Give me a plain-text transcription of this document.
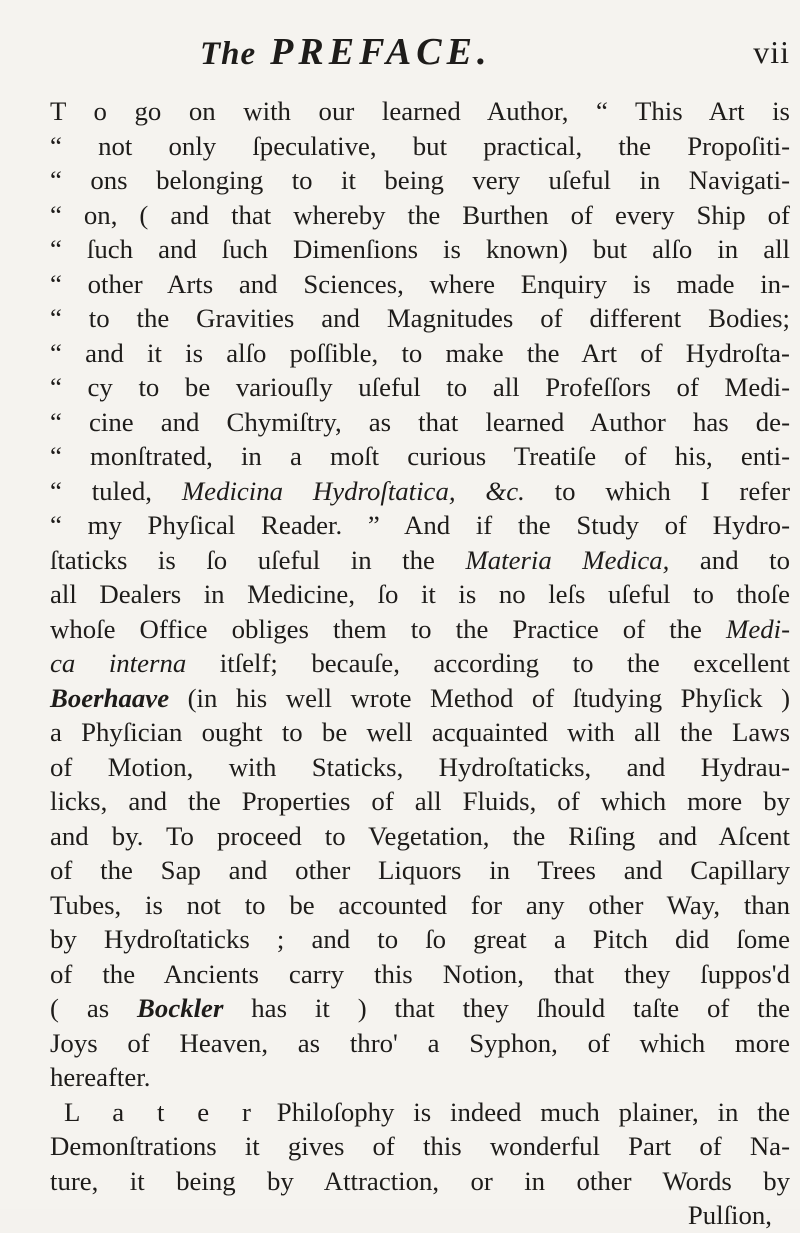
The PREFACE.	vii
T o go on with our learned Author, “ This Art is
“ not only ſpeculative, but practical, the Propoſiti-
“ ons belonging to it being very uſeful in Navigati-
“ on, ( and that whereby the Burthen of every Ship of
“ ſuch and ſuch Dimenſions is known) but alſo in all
“ other Arts and Sciences, where Enquiry is made in-
“ to the Gravities and Magnitudes of different Bodies;
“ and it is alſo poſſible, to make the Art of Hydroſta-
“ cy to be variouſly uſeful to all Profeſſors of Medi-
“ cine and Chymiſtry, as that learned Author has de-
“ monſtrated, in a moſt curious Treatiſe of his, enti-
“ tuled, Medicina Hydroſtatica, &c. to which I refer
“ my Phyſical Reader. ” And if the Study of Hydro-
ſtaticks is ſo uſeful in the Materia Medica, and to
all Dealers in Medicine, ſo it is no leſs uſeful to thoſe
whoſe Office obliges them to the Practice of the Medi-
ca interna itſelf; becauſe, according to the excellent
Boerhaave (in his well wrote Method of ſtudying Phyſick )
a Phyſician ought to be well acquainted with all the Laws
of Motion, with Staticks, Hydroſtaticks, and Hydrau-
licks, and the Properties of all Fluids, of which more by
and by. To proceed to Vegetation, the Riſing and Aſcent
of the Sap and other Liquors in Trees and Capillary
Tubes, is not to be accounted for any other Way, than
by Hydroſtaticks ; and to ſo great a Pitch did ſome
of the Ancients carry this Notion, that they ſuppos'd
( as Bockler has it ) that they ſhould taſte of the
Joys of Heaven, as thro' a Syphon, of which more
hereafter.
L a t e r Philoſophy is indeed much plainer, in the
Demonſtrations it gives of this wonderful Part of Na-
ture, it being by Attraction, or in other Words by
Pulſion,
